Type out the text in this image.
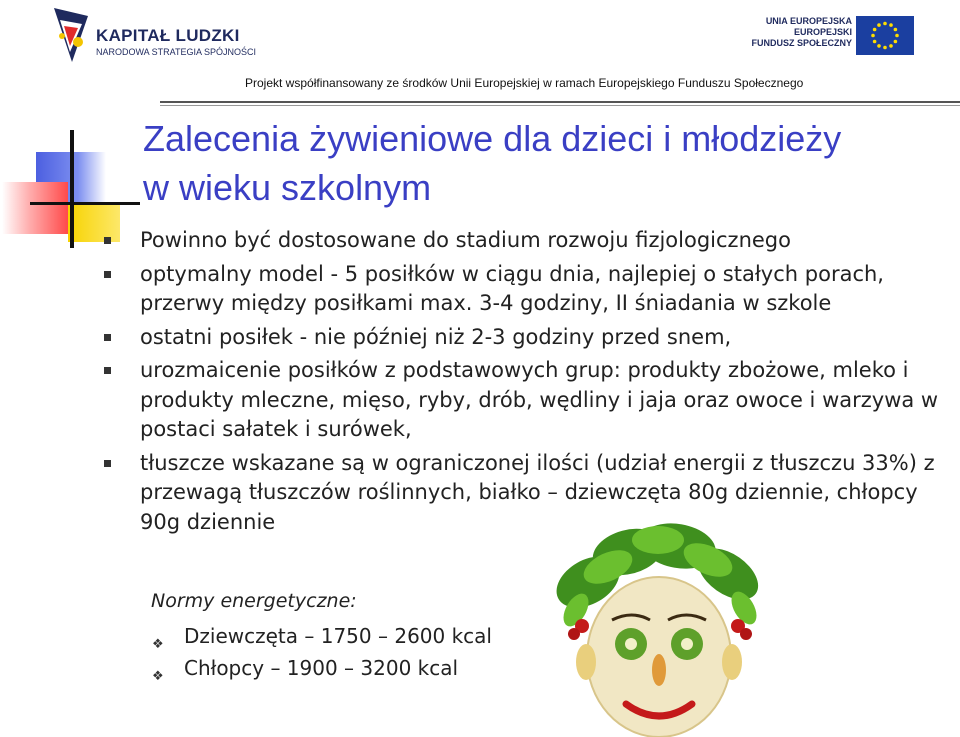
KAPITAŁ LUDZKI
NARODOWA STRATEGIA SPÓJNOŚCI
UNIA EUROPEJSKA
EUROPEJSKI
FUNDUSZ SPOŁECZNY
Projekt współfinansowany ze środków Unii Europejskiej w ramach Europejskiego Funduszu Społecznego
Zalecenia żywieniowe dla dzieci i młodzieży
w wieku szkolnym
Powinno być dostosowane do stadium rozwoju fizjologicznego
optymalny model - 5 posiłków w ciągu dnia, najlepiej o stałych porach, przerwy między posiłkami max. 3-4 godziny, II śniadania w szkole
ostatni posiłek - nie później niż 2-3 godziny przed snem,
urozmaicenie posiłków z podstawowych grup: produkty zbożowe, mleko i produkty mleczne, mięso, ryby, drób, wędliny i jaja oraz owoce i warzywa w postaci sałatek i surówek,
tłuszcze wskazane są w ograniczonej ilości (udział energii z tłuszczu 33%) z przewagą tłuszczów roślinnych, białko – dziewczęta 80g dziennie, chłopcy 90g dziennie
Normy energetyczne:
❖ Dziewczęta – 1750 – 2600 kcal
❖ Chłopcy – 1900 – 3200 kcal
